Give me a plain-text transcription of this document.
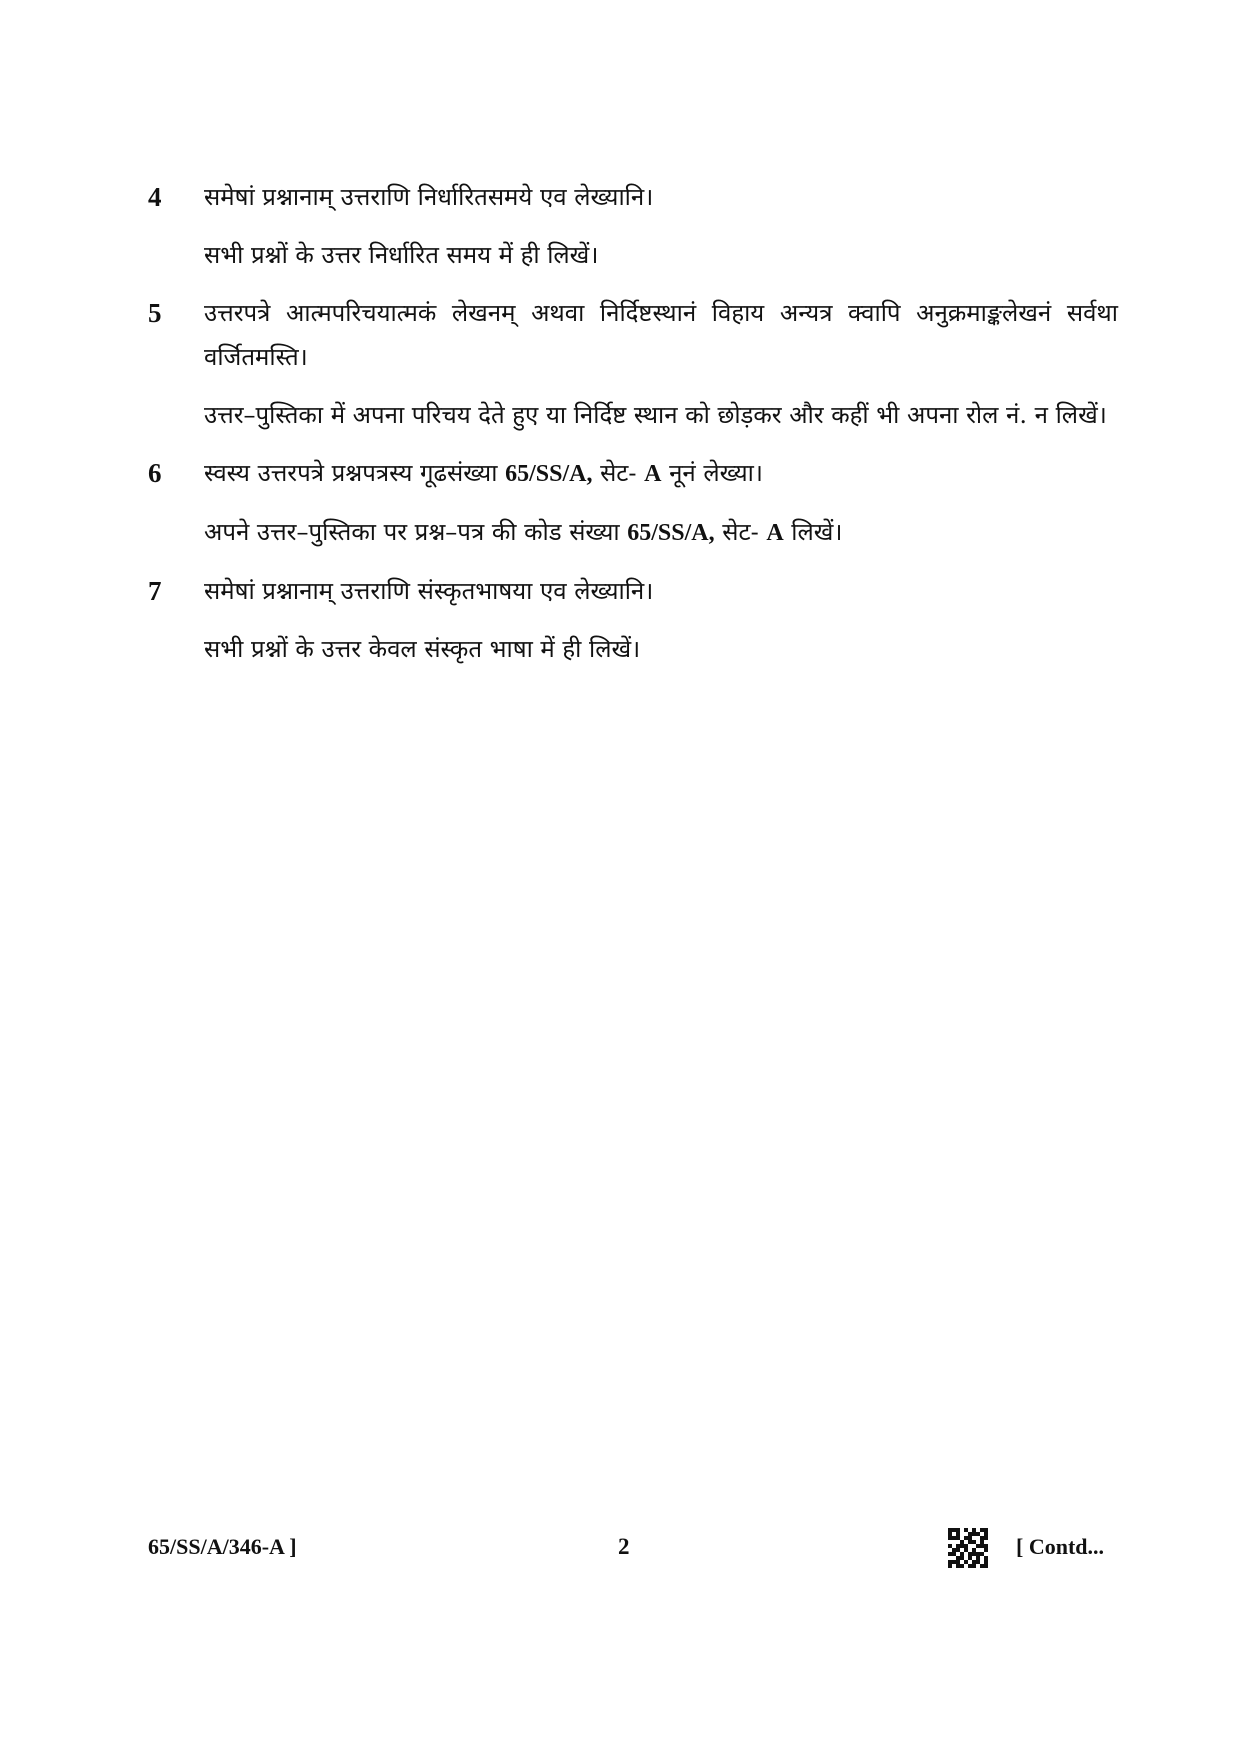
4	समेषां प्रश्नानाम् उत्तराणि निर्धारितसमये एव लेख्यानि।

सभी प्रश्नों के उत्तर निर्धारित समय में ही लिखें।

5	उत्तरपत्रे आत्मपरिचयात्मकं लेखनम् अथवा निर्दिष्टस्थानं विहाय अन्यत्र क्वापि अनुक्रमाङ्कलेखनं सर्वथा वर्जितमस्ति।

उत्तर–पुस्तिका में अपना परिचय देते हुए या निर्दिष्ट स्थान को छोड़कर और कहीं भी अपना रोल नं. न लिखें।

6	स्वस्य उत्तरपत्रे प्रश्नपत्रस्य गूढसंख्या 65/SS/A, सेट- A नूनं लेख्या।

अपने उत्तर–पुस्तिका पर प्रश्न–पत्र की कोड संख्या 65/SS/A, सेट- A लिखें।

7	समेषां प्रश्नानाम् उत्तराणि संस्कृतभाषया एव लेख्यानि।

सभी प्रश्नों के उत्तर केवल संस्कृत भाषा में ही लिखें।

65/SS/A/346-A ]	2	[ Contd...
